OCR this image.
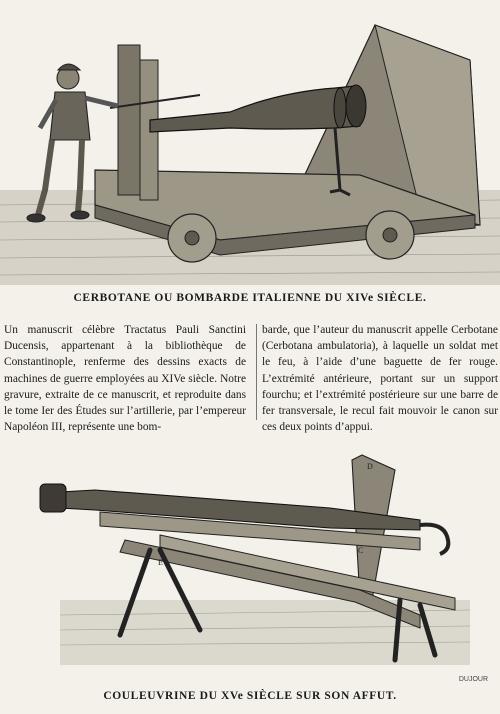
CERBOTANE OU BOMBARDE ITALIENNE DU XIVe SIÈCLE.

Un manuscrit célèbre Tractatus Pauli Sanctini Ducensis, appartenant à la bibliothèque de Constantinople, renferme des dessins exacts de machines de guerre employées au XIVe siècle. Notre gravure, extraite de ce manuscrit, et reproduite dans le tome Ier des Études sur l’artillerie, par l’empereur Napoléon III, représente une bom-

barde, que l’auteur du manuscrit appelle Cerbotane (Cerbotana ambulatoria), à laquelle un soldat met le feu, à l’aide d’une baguette de fer rouge. L’extrémité antérieure, portant sur un support fourchu; et l’extrémité postérieure sur une barre de fer transversale, le recul fait mouvoir le canon sur ces deux points d’appui.

D
C
E
DUJOUR
COULEUVRINE DU XVe SIÈCLE SUR SON AFFUT.
